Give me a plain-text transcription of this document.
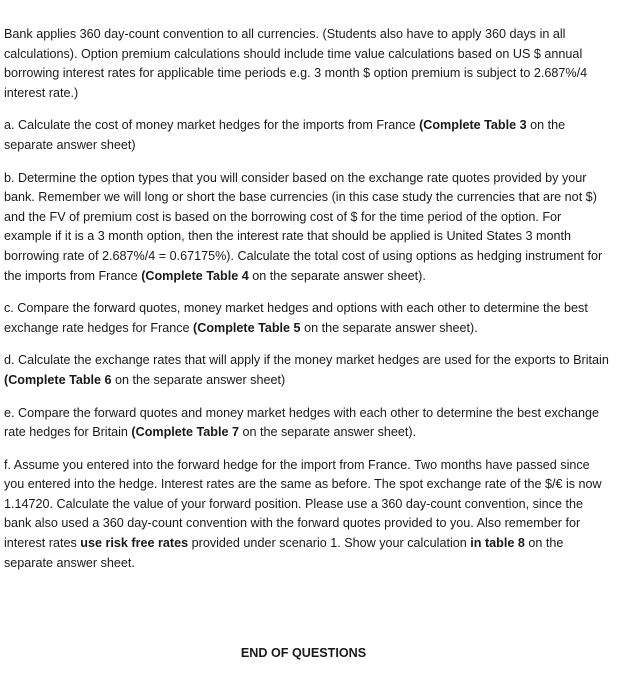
Bank applies 360 day-count convention to all currencies. (Students also have to apply 360 days in all calculations). Option premium calculations should include time value calculations based on US $ annual borrowing interest rates for applicable time periods e.g. 3 month $ option premium is subject to 2.687%/4 interest rate.)

a. Calculate the cost of money market hedges for the imports from France (Complete Table 3 on the separate answer sheet)

b. Determine the option types that you will consider based on the exchange rate quotes provided by your bank. Remember we will long or short the base currencies (in this case study the currencies that are not $) and the FV of premium cost is based on the borrowing cost of $ for the time period of the option. For example if it is a 3 month option, then the interest rate that should be applied is United States 3 month borrowing rate of 2.687%/4 = 0.67175%). Calculate the total cost of using options as hedging instrument for the imports from France (Complete Table 4 on the separate answer sheet).

c. Compare the forward quotes, money market hedges and options with each other to determine the best exchange rate hedges for France (Complete Table 5 on the separate answer sheet).

d. Calculate the exchange rates that will apply if the money market hedges are used for the exports to Britain (Complete Table 6 on the separate answer sheet)

e. Compare the forward quotes and money market hedges with each other to determine the best exchange rate hedges for Britain (Complete Table 7 on the separate answer sheet).

f. Assume you entered into the forward hedge for the import from France. Two months have passed since you entered into the hedge. Interest rates are the same as before. The spot exchange rate of the $/€ is now 1.14720. Calculate the value of your forward position. Please use a 360 day-count convention, since the bank also used a 360 day-count convention with the forward quotes provided to you. Also remember for interest rates use risk free rates provided under scenario 1. Show your calculation in table 8 on the separate answer sheet.

END OF QUESTIONS
